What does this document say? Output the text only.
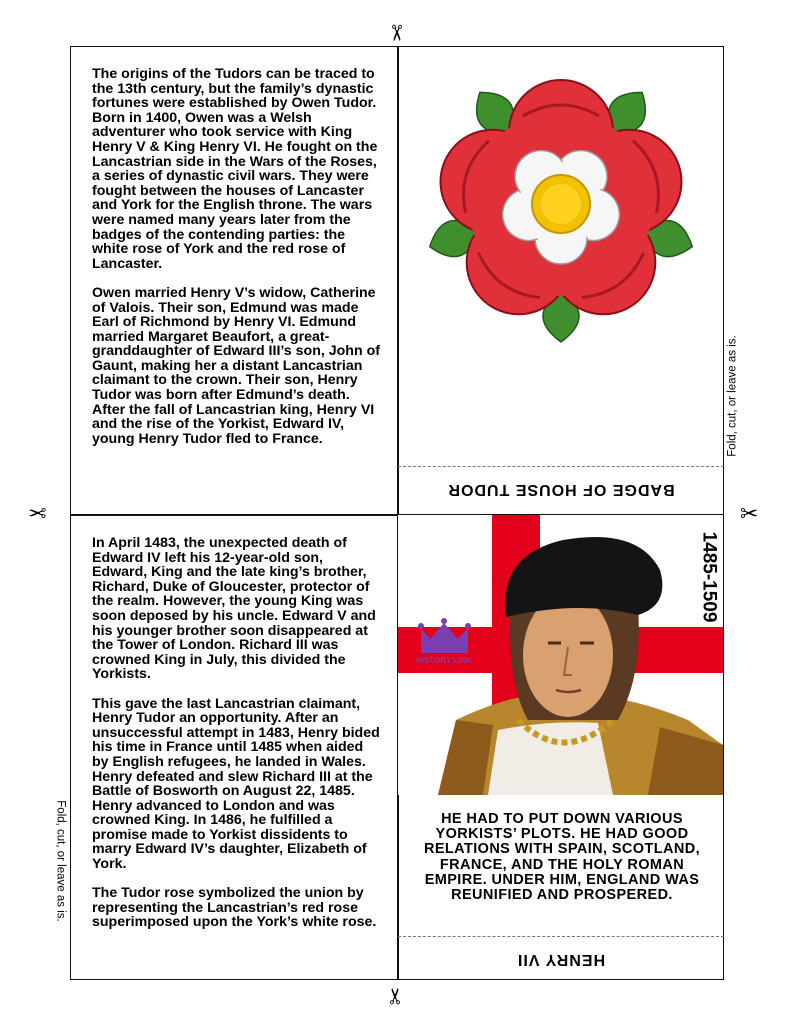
✂
✂
✂	✂
Fold, cut, or leave as is.
Fold, cut, or leave as is.

The origins of the Tudors can be traced to the 13th century, but the family’s dynastic fortunes were established by Owen Tudor. Born in 1400, Owen was a Welsh adventurer who took service with King Henry V & King Henry VI. He fought on the Lancastrian side in the Wars of the Roses, a series of dynastic civil wars. They were fought between the houses of Lancaster and York for the English throne. The wars were named many years later from the badges of the contending parties: the white rose of York and the red rose of Lancaster.

Owen married Henry V’s widow, Catherine of Valois. Their son, Edmund was made Earl of Richmond by Henry VI. Edmund married Margaret Beaufort, a great-granddaughter of Edward III’s son, John of Gaunt, making her a distant Lancastrian claimant to the crown. Their son, Henry Tudor was born after Edmund’s death. After the fall of Lancastrian king, Henry VI and the rise of the Yorkist, Edward IV, young Henry Tudor fled to France.

BADGE OF HOUSE TUDOR

In April 1483, the unexpected death of Edward IV left his 12-year-old son, Edward, King and the late king’s brother, Richard, Duke of Gloucester, protector of the realm. However, the young King was soon deposed by his uncle. Edward V and his younger brother soon disappeared at the Tower of London. Richard III was crowned King in July, this divided the Yorkists.

This gave the last Lancastrian claimant, Henry Tudor an opportunity. After an unsuccessful attempt in 1483, Henry bided his time in France until 1485 when aided by English refugees, he landed in Wales. Henry defeated and slew Richard III at the Battle of Bosworth on August 22, 1485. Henry advanced to London and was crowned King. In 1486, he fulfilled a promise made to Yorkist dissidents to marry Edward IV’s daughter, Elizabeth of York.

The Tudor rose symbolized the union by representing the Lancastrian’s red rose superimposed upon the York’s white rose.

HISTORY LINK
1485-1509
HE HAD TO PUT DOWN VARIOUS YORKISTS’ PLOTS. HE HAD GOOD RELATIONS WITH SPAIN, SCOTLAND, FRANCE, AND THE HOLY ROMAN EMPIRE. UNDER HIM, ENGLAND WAS REUNIFIED AND PROSPERED.
HENRY VII
